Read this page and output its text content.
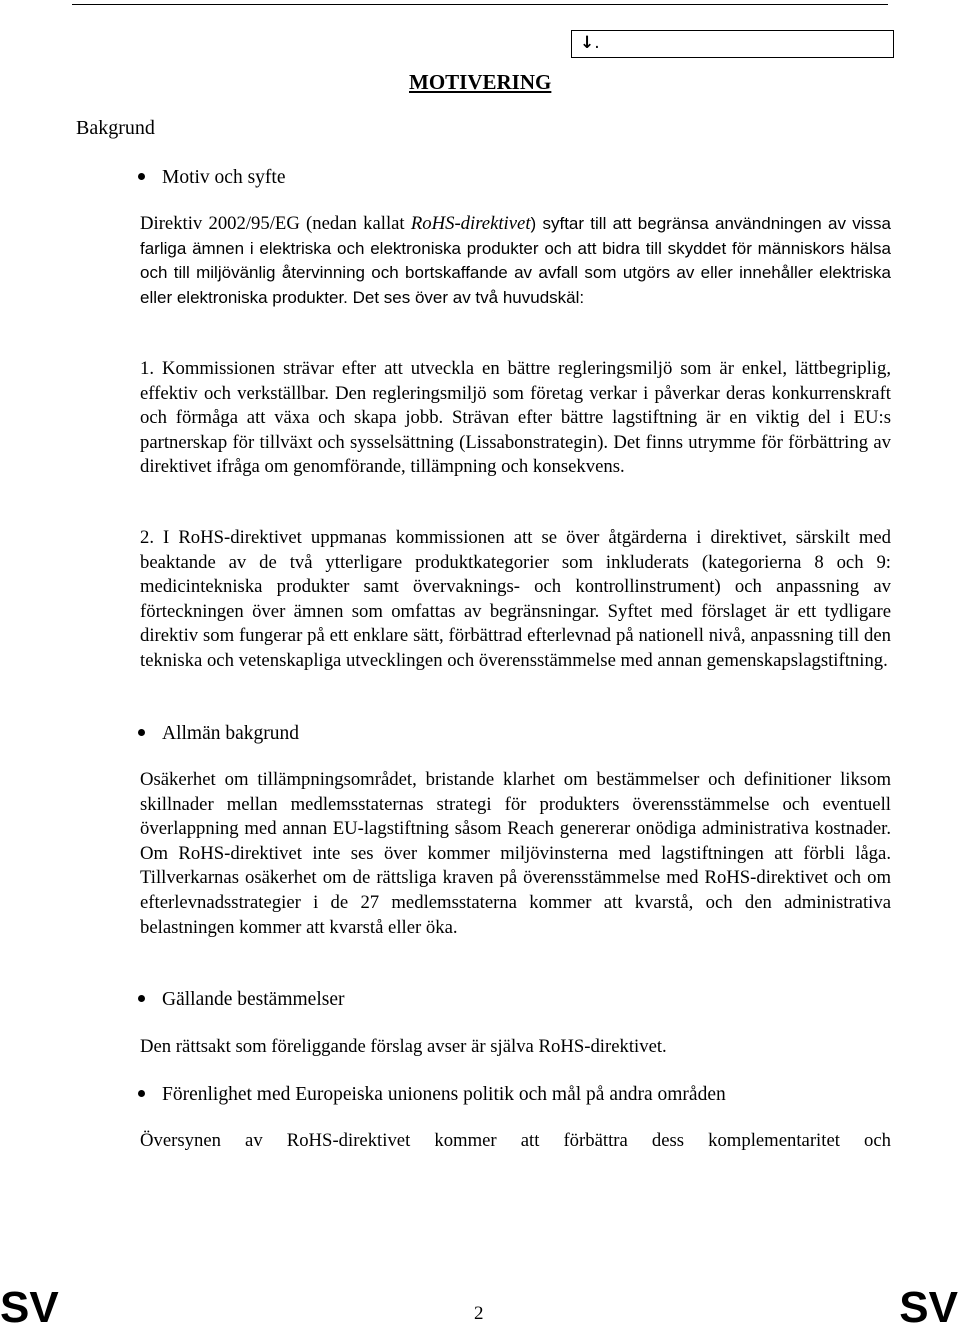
↓.
MOTIVERING
Bakgrund
Motiv och syfte

Direktiv 2002/95/EG (nedan kallat RoHS-direktivet) syftar till att begränsa användningen av vissa farliga ämnen i elektriska och elektroniska produkter och att bidra till skyddet för människors hälsa och till miljövänlig återvinning och bortskaffande av avfall som utgörs av eller innehåller elektriska eller elektroniska produkter. Det ses över av två huvudskäl:

1. Kommissionen strävar efter att utveckla en bättre regleringsmiljö som är enkel, lättbegriplig, effektiv och verkställbar. Den regleringsmiljö som företag verkar i påverkar deras konkurrenskraft och förmåga att växa och skapa jobb. Strävan efter bättre lagstiftning är en viktig del i EU:s partnerskap för tillväxt och sysselsättning (Lissabonstrategin). Det finns utrymme för förbättring av direktivet ifråga om genomförande, tillämpning och konsekvens.

2. I RoHS-direktivet uppmanas kommissionen att se över åtgärderna i direktivet, särskilt med beaktande av de två ytterligare produktkategorier som inkluderats (kategorierna 8 och 9: medicintekniska produkter samt övervaknings- och kontrollinstrument) och anpassning av förteckningen över ämnen som omfattas av begränsningar. Syftet med förslaget är ett tydligare direktiv som fungerar på ett enklare sätt, förbättrad efterlevnad på nationell nivå, anpassning till den tekniska och vetenskapliga utvecklingen och överensstämmelse med annan gemenskapslagstiftning.

Allmän bakgrund

Osäkerhet om tillämpningsområdet, bristande klarhet om bestämmelser och definitioner liksom skillnader mellan medlemsstaternas strategi för produkters överensstämmelse och eventuell överlappning med annan EU-lagstiftning såsom Reach genererar onödiga administrativa kostnader. Om RoHS-direktivet inte ses över kommer miljövinsterna med lagstiftningen att förbli låga. Tillverkarnas osäkerhet om de rättsliga kraven på överensstämmelse med RoHS-direktivet och om efterlevnadsstrategier i de 27 medlemsstaterna kommer att kvarstå, och den administrativa belastningen kommer att kvarstå eller öka.

Gällande bestämmelser

Den rättsakt som föreliggande förslag avser är själva RoHS-direktivet.

Förenlighet med Europeiska unionens politik och mål på andra områden

Översynen av RoHS-direktivet kommer att förbättra dess komplementaritet och

SV	2	SV
